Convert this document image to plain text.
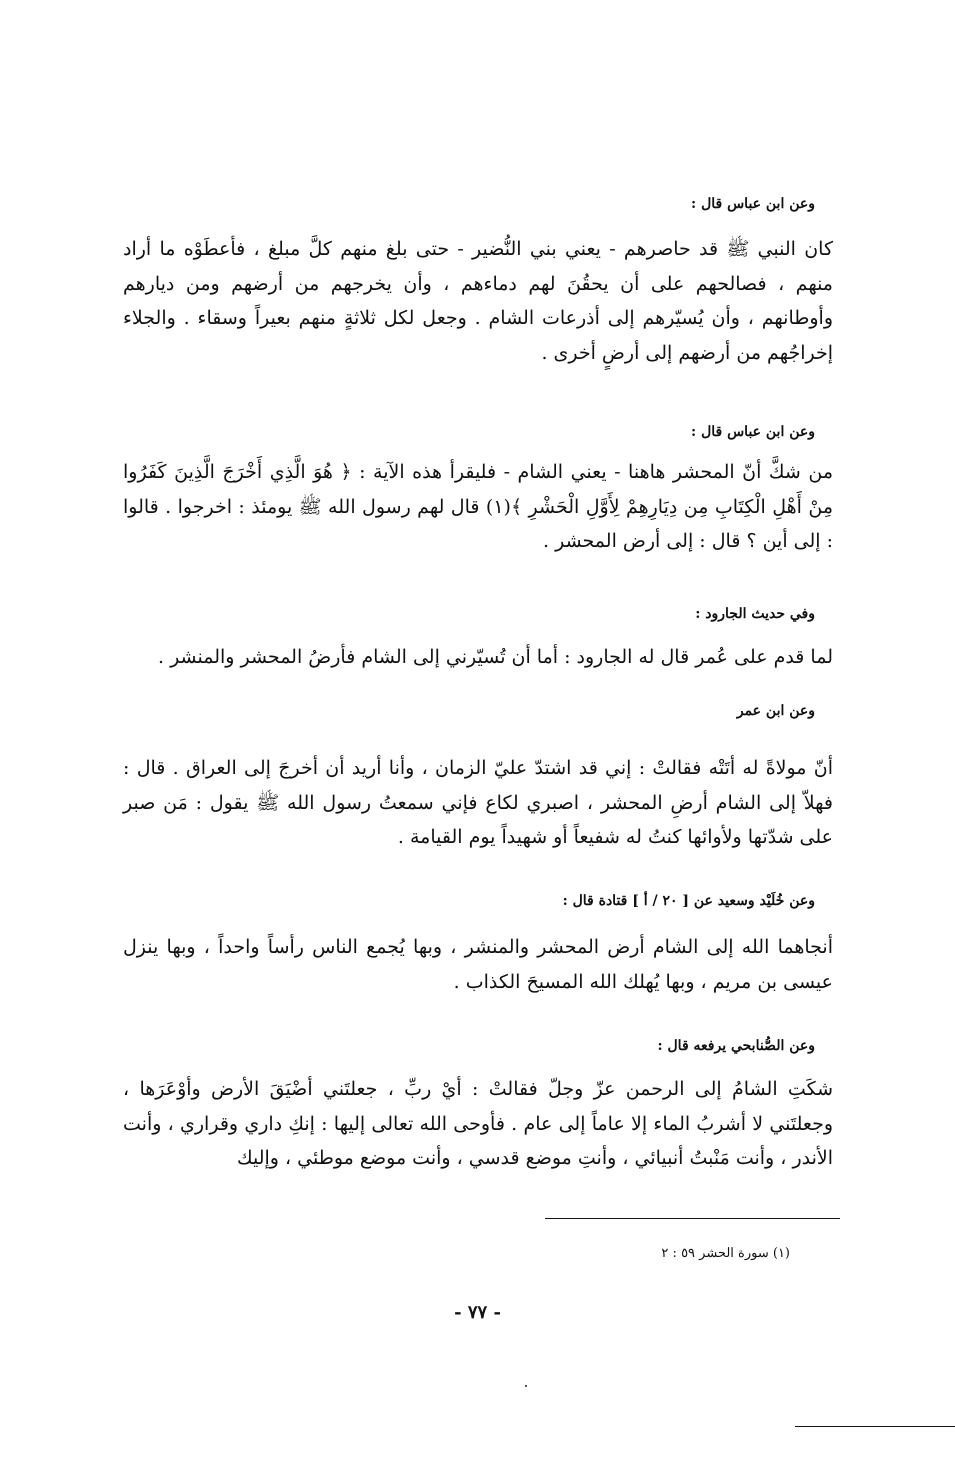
وعن ابن عباس قال :
كان النبي ﷺ قد حاصرهم - يعني بني النُّضير - حتى بلغ منهم كلَّ مبلغ ، فأعطَوْه ما أراد منهم ، فصالحهم على أن يحقُنَ لهم دماءهم ، وأن يخرجهم من أرضهم ومن ديارهم وأوطانهم ، وأن يُسيّرهم إلى أذرعات الشام . وجعل لكل ثلاثةٍ منهم بعيراً وسقاء . والجلاء إخراجُهم من أرضهم إلى أرضٍ أخرى .
وعن ابن عباس قال :
من شكَّ أنّ المحشر هاهنا - يعني الشام - فليقرأ هذه الآية : ﴿ هُوَ الَّذِي أَخْرَجَ الَّذِينَ كَفَرُوا مِنْ أَهْلِ الْكِتَابِ مِن دِيَارِهِمْ لِأَوَّلِ الْحَشْرِ ﴾(١) قال لهم رسول الله ﷺ يومئذ : اخرجوا . قالوا : إلى أين ؟ قال : إلى أرض المحشر .
وفي حديث الجارود :
لما قدم على عُمر قال له الجارود : أما أن تُسيّرني إلى الشام فأرضُ المحشر والمنشر .
وعن ابن عمر
أنّ مولاةً له أتَتْه فقالتْ : إني قد اشتدّ عليّ الزمان ، وأنا أريد أن أخرجَ إلى العراق . قال : فهلاّ إلى الشام أرضِ المحشر ، اصبري لكاع فإني سمعتُ رسول الله ﷺ يقول : مَن صبر على شدّتها ولأوائها كنتُ له شفيعاً أو شهيداً يوم القيامة .
وعن خُلَيْد وسعيد عن [ ٢٠ / أ ] قتادة قال :
أنجاهما الله إلى الشام أرض المحشر والمنشر ، وبها يُجمع الناس رأساً واحداً ، وبها ينزل عيسى بن مريم ، وبها يُهلك الله المسيحَ الكذاب .
وعن الصُّنابحي يرفعه قال :
شكَتِ الشامُ إلى الرحمن عزّ وجلّ فقالتْ : أيْ ربِّ ، جعلتَني أضْيَقَ الأرض وأوْعَرَها ، وجعلتَني لا أشربُ الماء إلا عاماً إلى عام . فأوحى الله تعالى إليها : إنكِ داري وقراري ، وأنت الأندر ، وأنت مَنْبتُ أنبيائي ، وأنتِ موضع قدسي ، وأنت موضع موطئي ، وإليك
(١) سورة الحشر ٥٩ : ٢
- ٧٧ -
